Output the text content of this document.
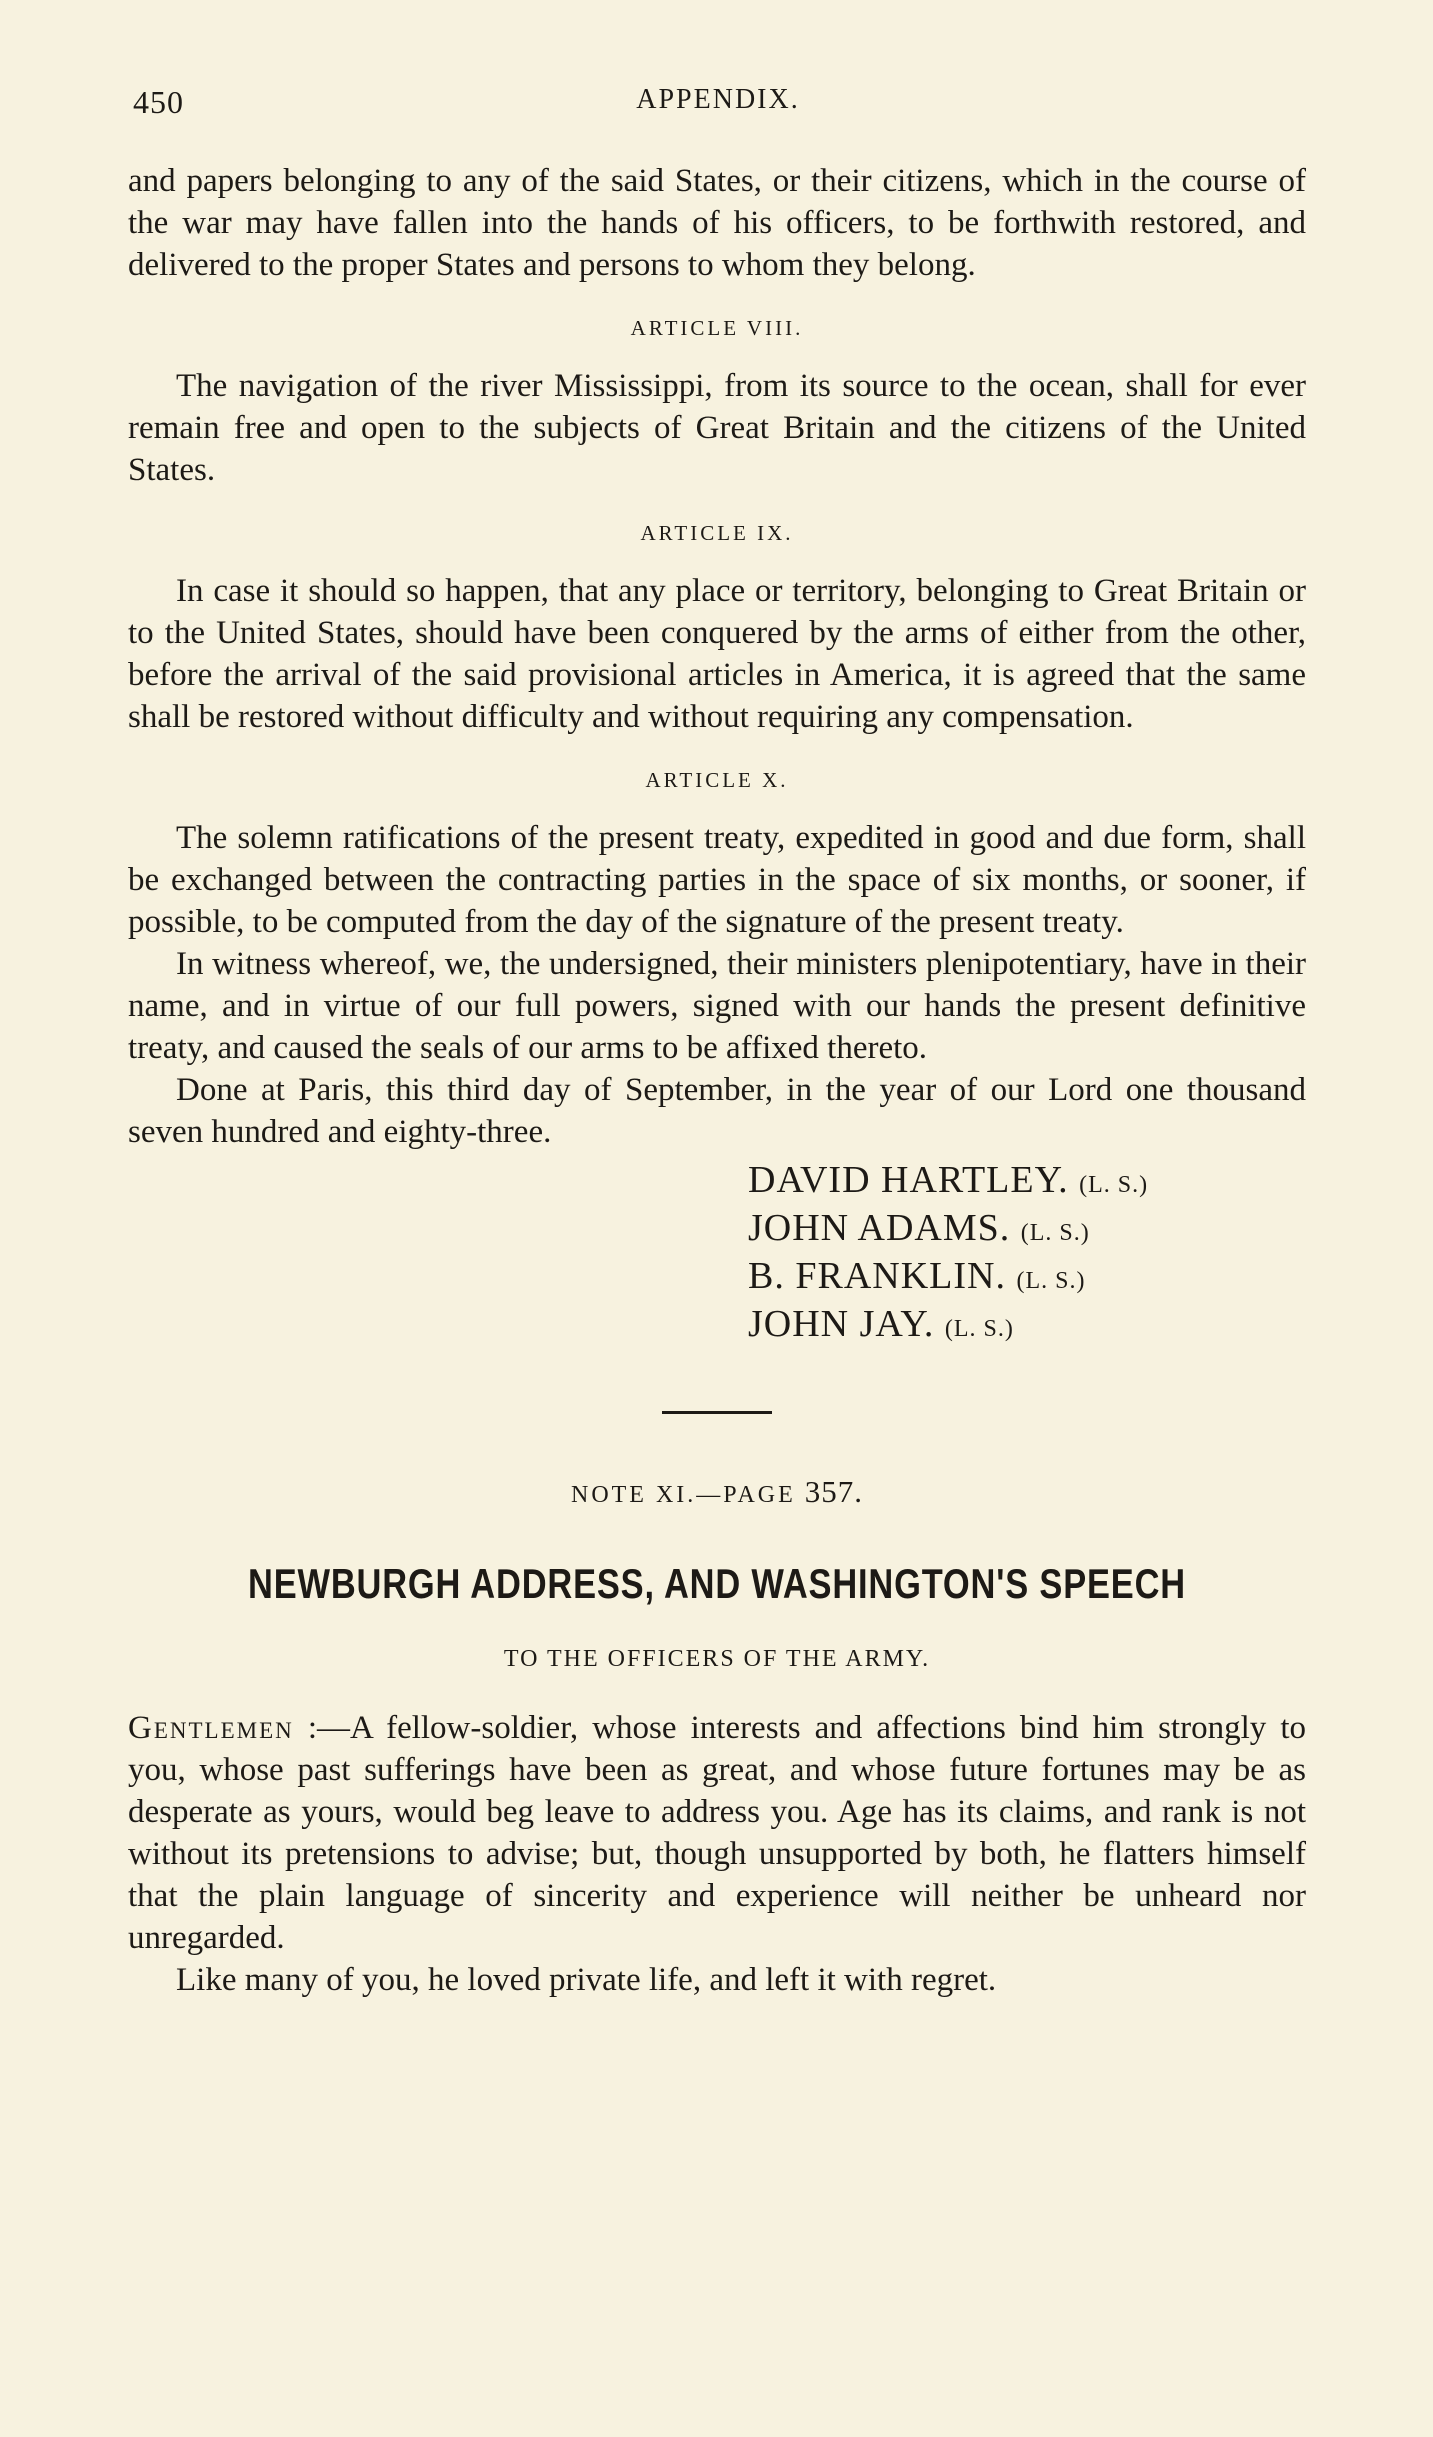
450	APPENDIX.

and papers belonging to any of the said States, or their citizens, which in the course of the war may have fallen into the hands of his officers, to be forthwith restored, and delivered to the proper States and persons to whom they belong.

ARTICLE VIII.

The navigation of the river Mississippi, from its source to the ocean, shall for ever remain free and open to the subjects of Great Britain and the citizens of the United States.

ARTICLE IX.

In case it should so happen, that any place or territory, belonging to Great Britain or to the United States, should have been conquered by the arms of either from the other, before the arrival of the said provisional articles in America, it is agreed that the same shall be restored without difficulty and without requiring any compensation.

ARTICLE X.

The solemn ratifications of the present treaty, expedited in good and due form, shall be exchanged between the contracting parties in the space of six months, or sooner, if possible, to be computed from the day of the signature of the present treaty.

In witness whereof, we, the undersigned, their ministers plenipotentiary, have in their name, and in virtue of our full powers, signed with our hands the present definitive treaty, and caused the seals of our arms to be affixed thereto.

Done at Paris, this third day of September, in the year of our Lord one thousand seven hundred and eighty-three.

DAVID HARTLEY. (L. S.)
JOHN ADAMS. (L. S.)
B. FRANKLIN. (L. S.)
JOHN JAY. (L. S.)
NOTE XI.—PAGE 357.
NEWBURGH ADDRESS, AND WASHINGTON'S SPEECH
TO THE OFFICERS OF THE ARMY.

Gentlemen :—A fellow-soldier, whose interests and affections bind him strongly to you, whose past sufferings have been as great, and whose future fortunes may be as desperate as yours, would beg leave to address you. Age has its claims, and rank is not without its pretensions to advise; but, though unsupported by both, he flatters himself that the plain language of sincerity and experience will neither be unheard nor unregarded.

Like many of you, he loved private life, and left it with regret.
